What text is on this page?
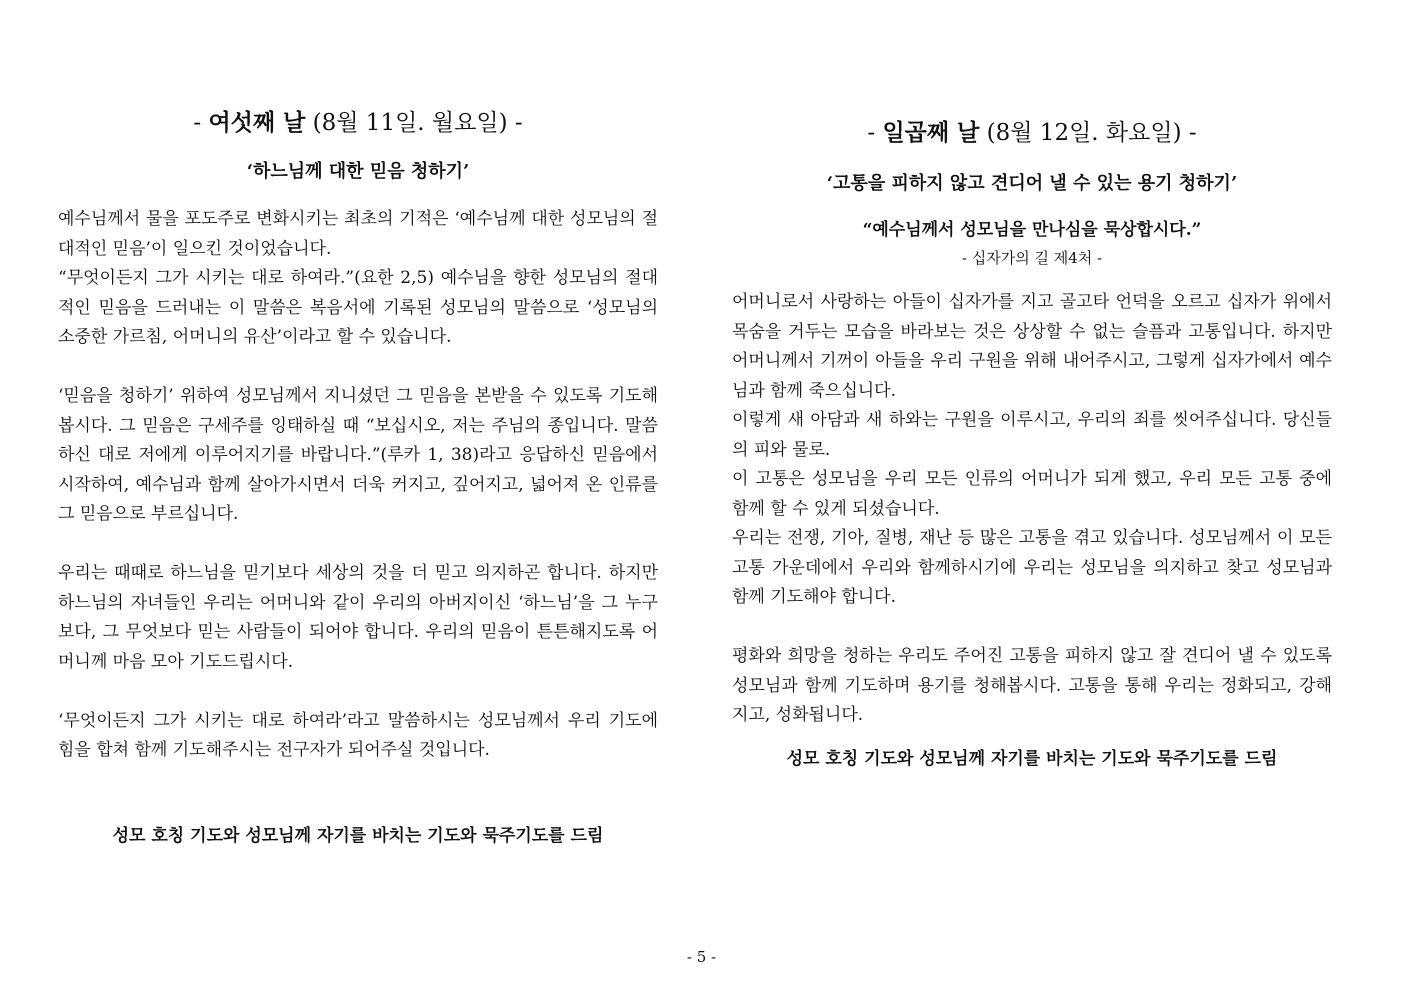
- 여섯째 날 (8월 11일. 월요일) -
‘하느님께 대한 믿음 청하기’

예수님께서 물을 포도주로 변화시키는 최초의 기적은 ‘예수님께 대한 성모님의 절대적인 믿음’이 일으킨 것이었습니다.

“무엇이든지 그가 시키는 대로 하여라.”(요한 2,5) 예수님을 향한 성모님의 절대적인 믿음을 드러내는 이 말씀은 복음서에 기록된 성모님의 말씀으로 ‘성모님의 소중한 가르침, 어머니의 유산’이라고 할 수 있습니다.

‘믿음을 청하기’ 위하여 성모님께서 지니셨던 그 믿음을 본받을 수 있도록 기도해 봅시다. 그 믿음은 구세주를 잉태하실 때 “보십시오, 저는 주님의 종입니다. 말씀하신 대로 저에게 이루어지기를 바랍니다.”(루카 1, 38)라고 응답하신 믿음에서 시작하여, 예수님과 함께 살아가시면서 더욱 커지고, 깊어지고, 넓어져 온 인류를 그 믿음으로 부르십니다.

우리는 때때로 하느님을 믿기보다 세상의 것을 더 믿고 의지하곤 합니다. 하지만 하느님의 자녀들인 우리는 어머니와 같이 우리의 아버지이신 ‘하느님’을 그 누구보다, 그 무엇보다 믿는 사람들이 되어야 합니다. 우리의 믿음이 튼튼해지도록 어머니께 마음 모아 기도드립시다.

‘무엇이든지 그가 시키는 대로 하여라’라고 말씀하시는 성모님께서 우리 기도에 힘을 합쳐 함께 기도해주시는 전구자가 되어주실 것입니다.

성모 호칭 기도와 성모님께 자기를 바치는 기도와 묵주기도를 드림
- 일곱째 날 (8월 12일. 화요일) -
‘고통을 피하지 않고 견디어 낼 수 있는 용기 청하기’
“예수님께서 성모님을 만나심을 묵상합시다.”
- 십자가의 길 제4처 -

어머니로서 사랑하는 아들이 십자가를 지고 골고타 언덕을 오르고 십자가 위에서 목숨을 거두는 모습을 바라보는 것은 상상할 수 없는 슬픔과 고통입니다. 하지만 어머니께서 기꺼이 아들을 우리 구원을 위해 내어주시고, 그렇게 십자가에서 예수님과 함께 죽으십니다.

이렇게 새 아담과 새 하와는 구원을 이루시고, 우리의 죄를 씻어주십니다. 당신들의 피와 물로.

이 고통은 성모님을 우리 모든 인류의 어머니가 되게 했고, 우리 모든 고통 중에 함께 할 수 있게 되셨습니다.

우리는 전쟁, 기아, 질병, 재난 등 많은 고통을 겪고 있습니다. 성모님께서 이 모든 고통 가운데에서 우리와 함께하시기에 우리는 성모님을 의지하고 찾고 성모님과 함께 기도해야 합니다.

평화와 희망을 청하는 우리도 주어진 고통을 피하지 않고 잘 견디어 낼 수 있도록 성모님과 함께 기도하며 용기를 청해봅시다. 고통을 통해 우리는 정화되고, 강해지고, 성화됩니다.

성모 호칭 기도와 성모님께 자기를 바치는 기도와 묵주기도를 드림
- 5 -
